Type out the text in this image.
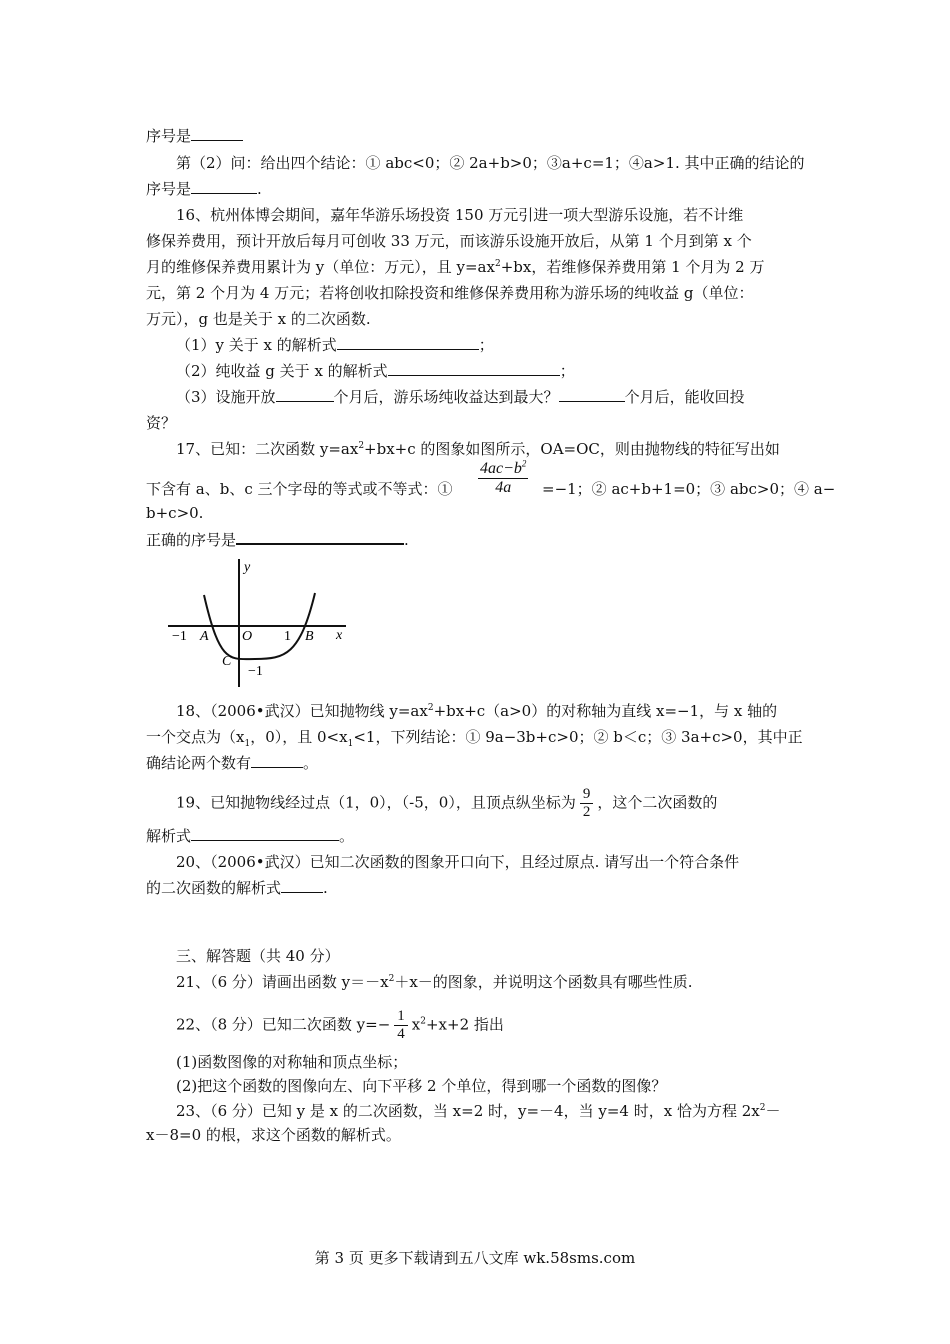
序号是
第（2）问：给出四个结论：① abc<0；② 2a+b>0；③a+c=1；④a>1. 其中正确的结论的
序号是	.
16、杭州体博会期间，嘉年华游乐场投资 150 万元引进一项大型游乐设施，若不计维
修保养费用，预计开放后每月可创收 33 万元，而该游乐设施开放后，从第 1 个月到第 x 个
月的维修保养费用累计为 y（单位：万元），且 $y=ax^2+bx$，若维修保养费用第 1 个月为 2 万
元，第 2 个月为 4 万元；若将创收扣除投资和维修保养费用称为游乐场的纯收益 g（单位：
万元），g 也是关于 x 的二次函数.
（1）y 关于 x 的解析式	；
（2）纯收益 g 关于 x 的解析式	；
（3）设施开放	个月后，游乐场纯收益达到最大？	个月后，能收回投
资？
17、已知：二次函数 $y=ax^2+bx+c$ 的图象如图所示，OA=OC，则由抛物线的特征写出如
$4ac-b^2$
4a
下含有 a、b、c 三个字母的等式或不等式：①	=−1；② ac+b+1=0；③ abc>0；④ a−
b+c>0.
正确的序号是	.
y
x
−1 A O 1 B
C
−1
18、（2006•武汉）已知抛物线 $y=ax^2+bx+c(a>0)$的对称轴为直线 x=−1，与 x 轴的
一个交点为（$x_1$，0），且 $0<x_1<1$，下列结论：① 9a−3b+c>0；② b＜c；③ 3a+c>0，其中正
确结论两个数有	。
19、已知抛物线经过点（1，0），（-5，0），且顶点纵坐标为 $\frac{9}{2}$ ，这个二次函数的
解析式	。
20、（2006•武汉）已知二次函数的图象开口向下，且经过原点. 请写出一个符合条件
的二次函数的解析式	.
三、解答题（共 40 分）
21、（6 分）请画出函数 $y=-x^2+x-$的图象，并说明这个函数具有哪些性质.
22、（8 分）已知二次函数 $y=- \frac{1}{4} x^2+x+2$ 指出
(1)函数图像的对称轴和顶点坐标；
(2)把这个函数的图像向左、向下平移 2 个单位，得到哪一个函数的图像？
23、（6 分）已知 y 是 x 的二次函数，当 x=2 时，y=－4，当 y=4 时，x 恰为方程 $2x^2-$
x－8=0 的根，求这个函数的解析式。
第 3 页 更多下载请到五八文库 wk.58sms.com
